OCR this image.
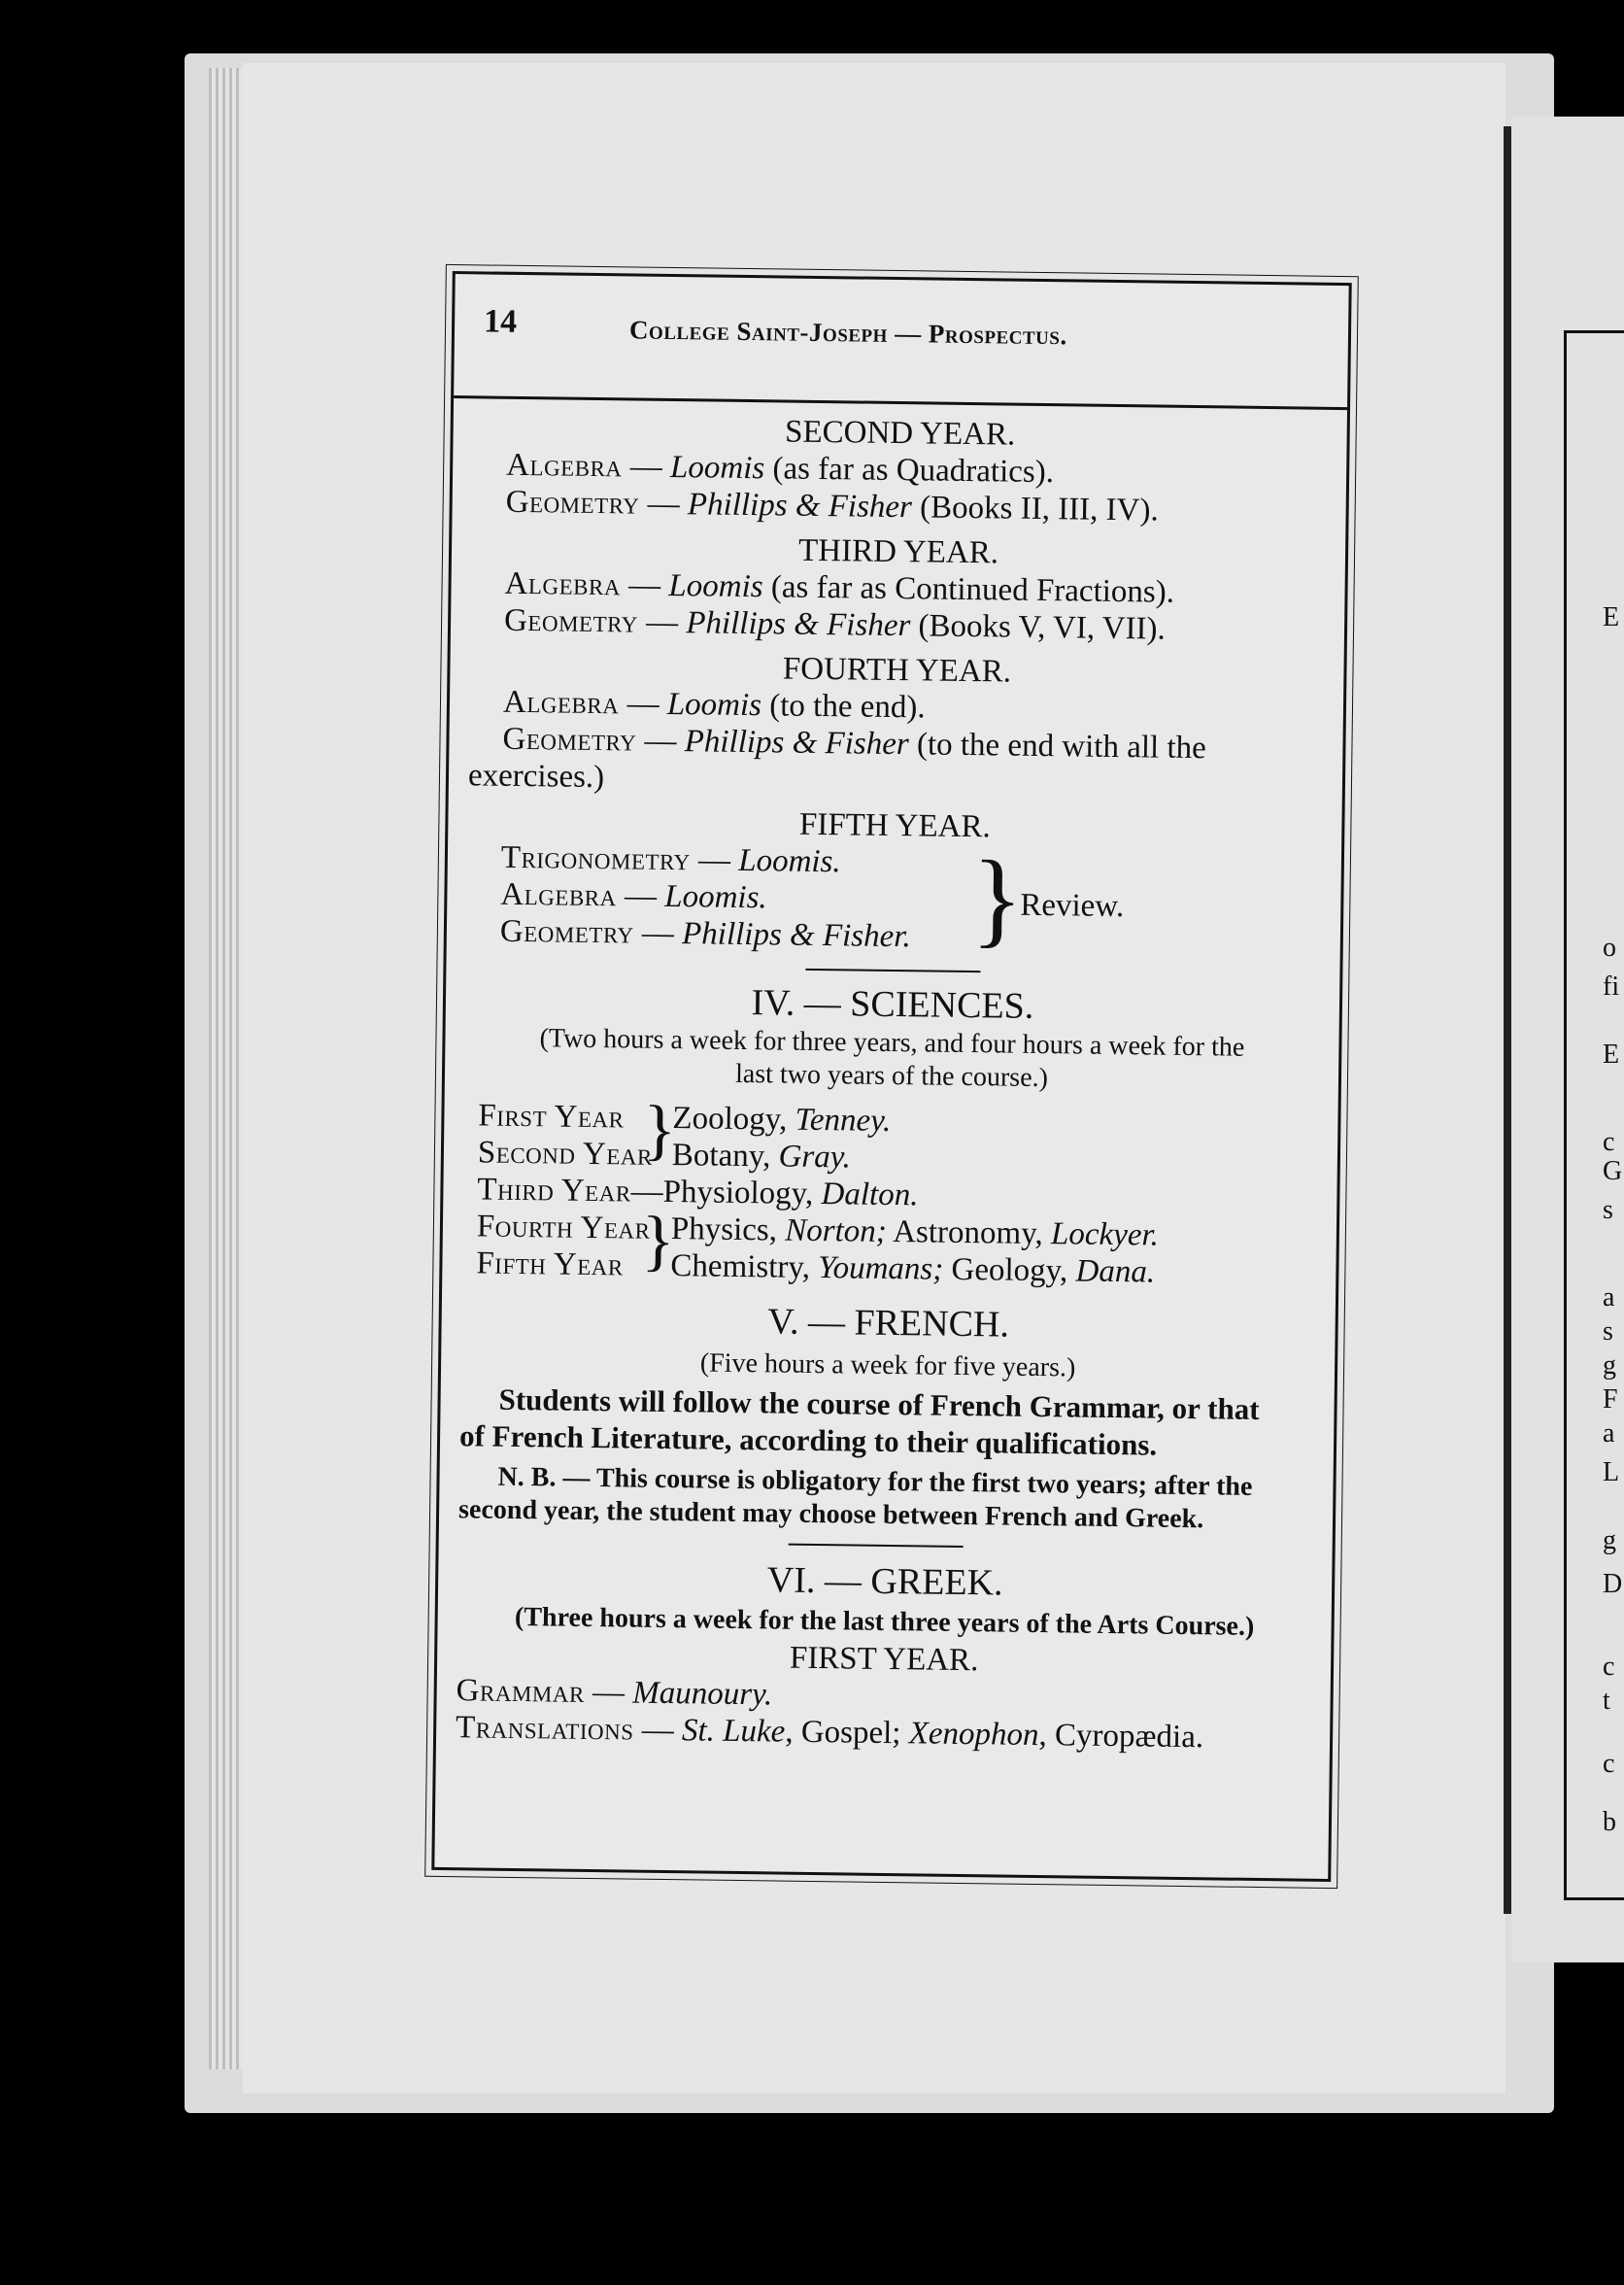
E
o
fi
E
c
G
s
a
s
g
F
a
L
g
D
c
t
c
b
14	College Saint-Joseph — Prospectus.
SECOND YEAR.
Algebra — Loomis (as far as Quadratics).
Geometry — Phillips & Fisher (Books II, III, IV).
THIRD YEAR.
Algebra — Loomis (as far as Continued Fractions).
Geometry — Phillips & Fisher (Books V, VI, VII).
FOURTH YEAR.
Algebra — Loomis (to the end).
Geometry — Phillips & Fisher (to the end with all the
exercises.)
FIFTH YEAR.
Trigonometry — Loomis.
Algebra — Loomis.
Geometry — Phillips & Fisher. }
Review.
IV. — SCIENCES.
(Two hours a week for three years, and four hours a week for the
last two years of the course.)
First Year
Second Year
}
Zoology, Tenney.
Botany, Gray.
Third Year—Physiology, Dalton.
Fourth Year
Fifth Year }
Physics, Norton; Astronomy, Lockyer.
Chemistry, Youmans; Geology, Dana.
V. — FRENCH.
(Five hours a week for five years.)
Students will follow the course of French Grammar, or that
of French Literature, according to their qualifications.
N. B. — This course is obligatory for the first two years; after the
second year, the student may choose between French and Greek.
VI. — GREEK.
(Three hours a week for the last three years of the Arts Course.)
FIRST YEAR.
Grammar — Maunoury.
Translations — St. Luke, Gospel; Xenophon, Cyropædia.
